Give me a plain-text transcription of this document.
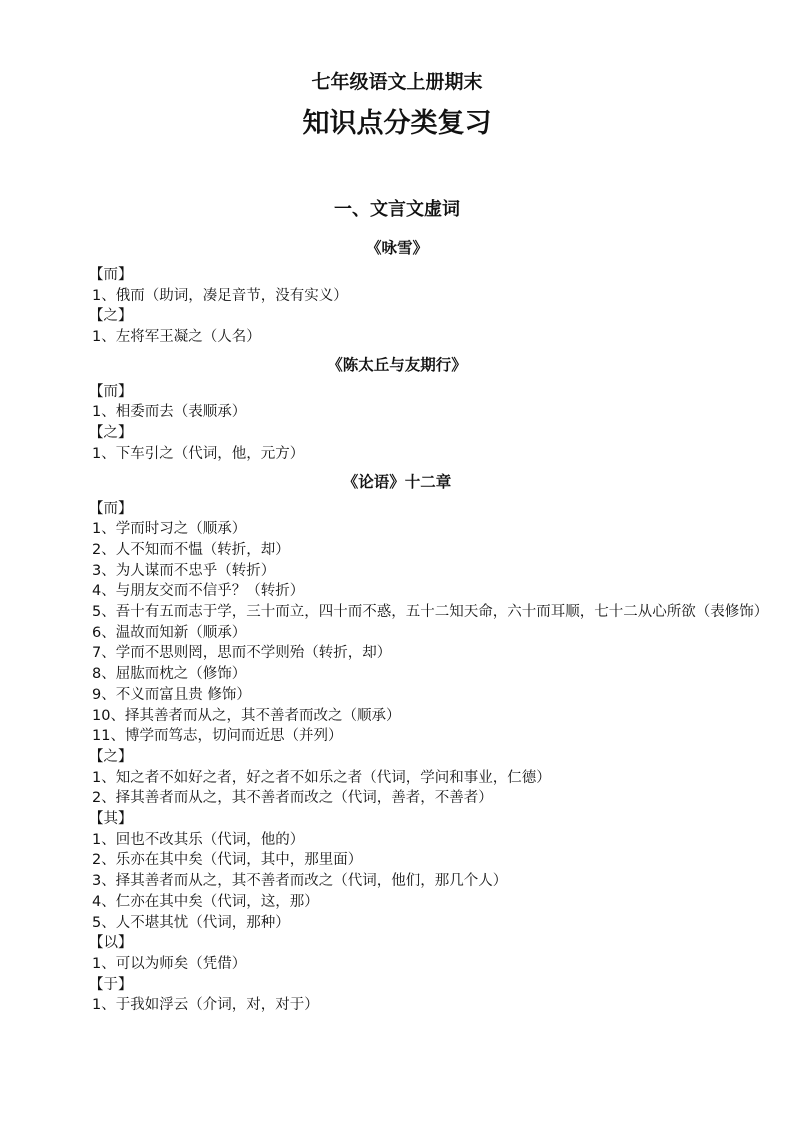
七年级语文上册期末
知识点分类复习
一、文言文虚词
《咏雪》
【而】
1、俄而（助词，凑足音节，没有实义）
【之】
1、左将军王凝之（人名）
《陈太丘与友期行》
【而】
1、相委而去（表顺承）
【之】
1、下车引之（代词，他，元方）
《论语》十二章
【而】
1、学而时习之（顺承）
2、人不知而不愠（转折，却）
3、为人谋而不忠乎（转折）
4、与朋友交而不信乎？（转折）
5、吾十有五而志于学，三十而立，四十而不惑，五十二知天命，六十而耳顺，七十二从心所欲（表修饰）
6、温故而知新（顺承）
7、学而不思则罔，思而不学则殆（转折，却）
8、屈肱而枕之（修饰）
9、不义而富且贵 修饰）
10、择其善者而从之，其不善者而改之（顺承）
11、博学而笃志，切问而近思（并列）
【之】
1、知之者不如好之者，好之者不如乐之者（代词，学问和事业，仁德）
2、择其善者而从之，其不善者而改之（代词，善者，不善者）
【其】
1、回也不改其乐（代词，他的）
2、乐亦在其中矣（代词，其中，那里面）
3、择其善者而从之，其不善者而改之（代词，他们，那几个人）
4、仁亦在其中矣（代词，这，那）
5、人不堪其忧（代词，那种）
【以】
1、可以为师矣（凭借）
【于】
1、于我如浮云（介词，对，对于）
